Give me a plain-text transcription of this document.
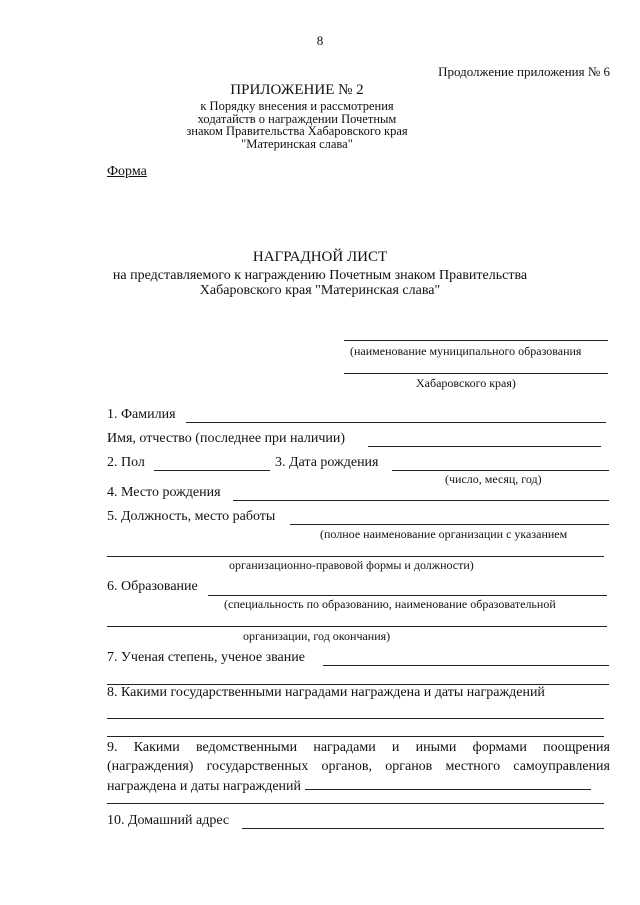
8
Продолжение приложения № 6
ПРИЛОЖЕНИЕ № 2
к Порядку внесения и рассмотрения
ходатайств о награждении Почетным
знаком Правительства Хабаровского края
"Материнская слава"
Форма
НАГРАДНОЙ ЛИСТ
на представляемого к награждению Почетным знаком Правительства
Хабаровского края "Материнская слава"
(наименование муниципального образования
Хабаровского края)
1. Фамилия
Имя, отчество (последнее при наличии)
2. Пол	3. Дата рождения
(число, месяц, год)
4. Место рождения
5. Должность, место работы
(полное наименование организации с указанием
организационно-правовой формы и должности)
6. Образование
(специальность по образованию, наименование образовательной
организации, год окончания)
7. Ученая степень, ученое звание
8. Какими государственными наградами награждена и даты награждений
9. Какими ведомственными наградами и иными формами поощрения (награждения) государственных органов, органов местного самоуправления награждена и даты награждений
10. Домашний адрес
